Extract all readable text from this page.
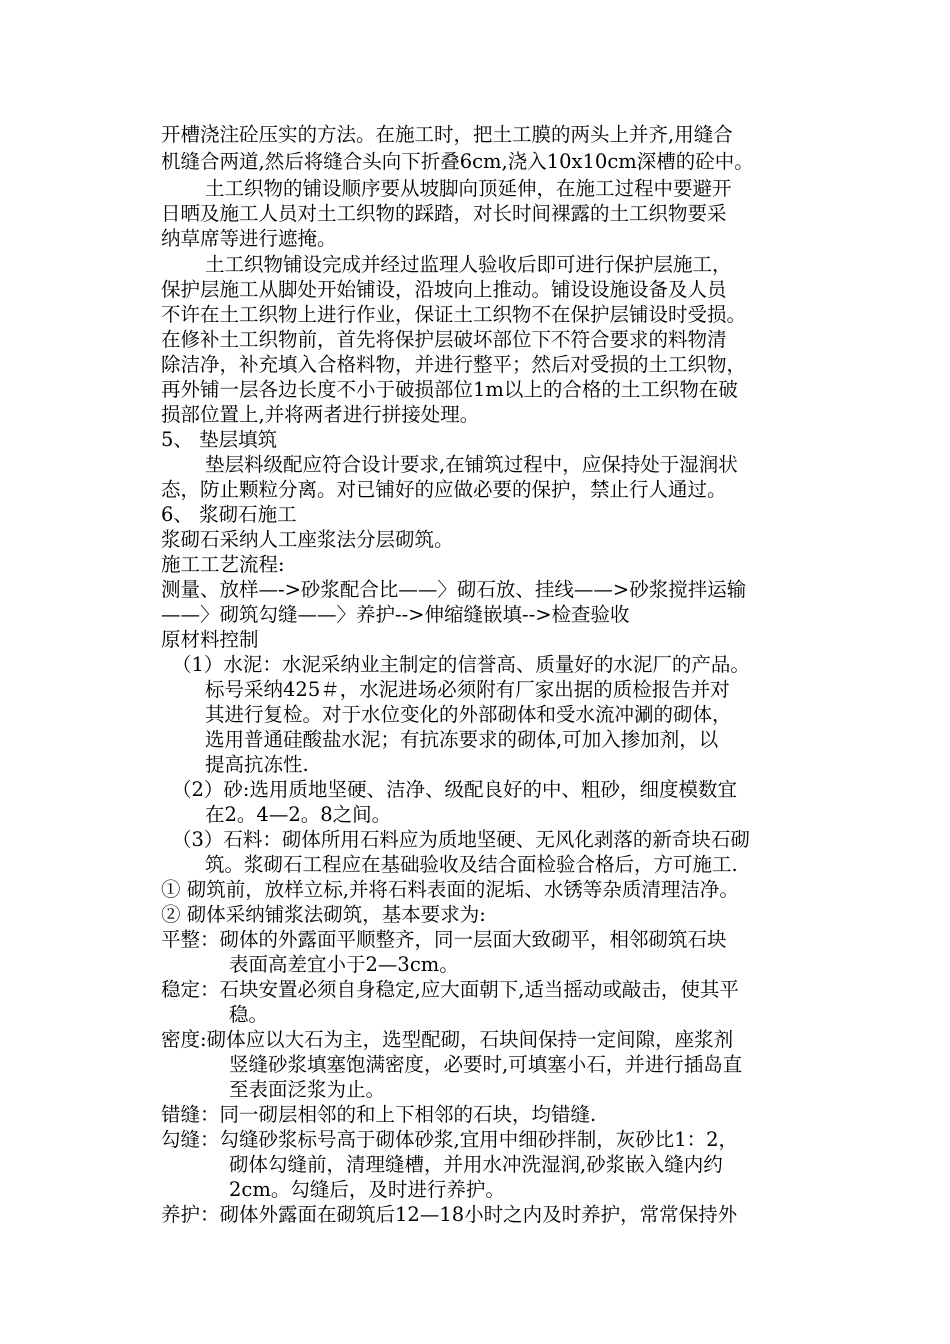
开槽浇注砼压实的方法。在施工时，把土工膜的两头上并齐,用缝合
机缝合两道,然后将缝合头向下折叠6cm,浇入10x10cm深槽的砼中。
土工织物的铺设顺序要从坡脚向顶延伸，在施工过程中要避开
日晒及施工人员对土工织物的踩踏，对长时间裸露的土工织物要采
纳草席等进行遮掩。
土工织物铺设完成并经过监理人验收后即可进行保护层施工，
保护层施工从脚处开始铺设，沿坡向上推动。铺设设施设备及人员
不许在土工织物上进行作业，保证土工织物不在保护层铺设时受损。
在修补土工织物前，首先将保护层破坏部位下不符合要求的料物清
除洁净，补充填入合格料物，并进行整平；然后对受损的土工织物，
再外铺一层各边长度不小于破损部位1m以上的合格的土工织物在破
损部位置上,并将两者进行拼接处理。
5、 垫层填筑
垫层料级配应符合设计要求,在铺筑过程中，应保持处于湿润状
态，防止颗粒分离。对已铺好的应做必要的保护，禁止行人通过。
6、 浆砌石施工
浆砌石采纳人工座浆法分层砌筑。
施工工艺流程:
测量、放样—->砂浆配合比——〉砌石放、挂线——>砂浆搅拌运输
——〉砌筑勾缝——〉养护-->伸缩缝嵌填-->检查验收
原材料控制
（1）水泥：水泥采纳业主制定的信誉高、质量好的水泥厂的产品。
标号采纳425＃，水泥进场必须附有厂家出据的质检报告并对
其进行复检。对于水位变化的外部砌体和受水流冲涮的砌体，
选用普通硅酸盐水泥；有抗冻要求的砌体,可加入掺加剂，以
提高抗冻性.
（2）砂:选用质地坚硬、洁净、级配良好的中、粗砂，细度模数宜
在2。4—2。8之间。
（3）石料：砌体所用石料应为质地坚硬、无风化剥落的新奇块石砌
筑。浆砌石工程应在基础验收及结合面检验合格后，方可施工.
① 砌筑前，放样立标,并将石料表面的泥垢、水锈等杂质清理洁净。
② 砌体采纳铺浆法砌筑，基本要求为:
平整：砌体的外露面平顺整齐，同一层面大致砌平，相邻砌筑石块
表面高差宜小于2—3cm。
稳定：石块安置必须自身稳定,应大面朝下,适当摇动或敲击，使其平
稳。
密度:砌体应以大石为主，选型配砌，石块间保持一定间隙，座浆剂
竖缝砂浆填塞饱满密度，必要时,可填塞小石，并进行插岛直
至表面泛浆为止。
错缝：同一砌层相邻的和上下相邻的石块，均错缝.
勾缝：勾缝砂浆标号高于砌体砂浆,宜用中细砂拌制，灰砂比1：2，
砌体勾缝前，清理缝槽，并用水冲洗湿润,砂浆嵌入缝内约
2cm。勾缝后，及时进行养护。
养护：砌体外露面在砌筑后12—18小时之内及时养护，常常保持外
